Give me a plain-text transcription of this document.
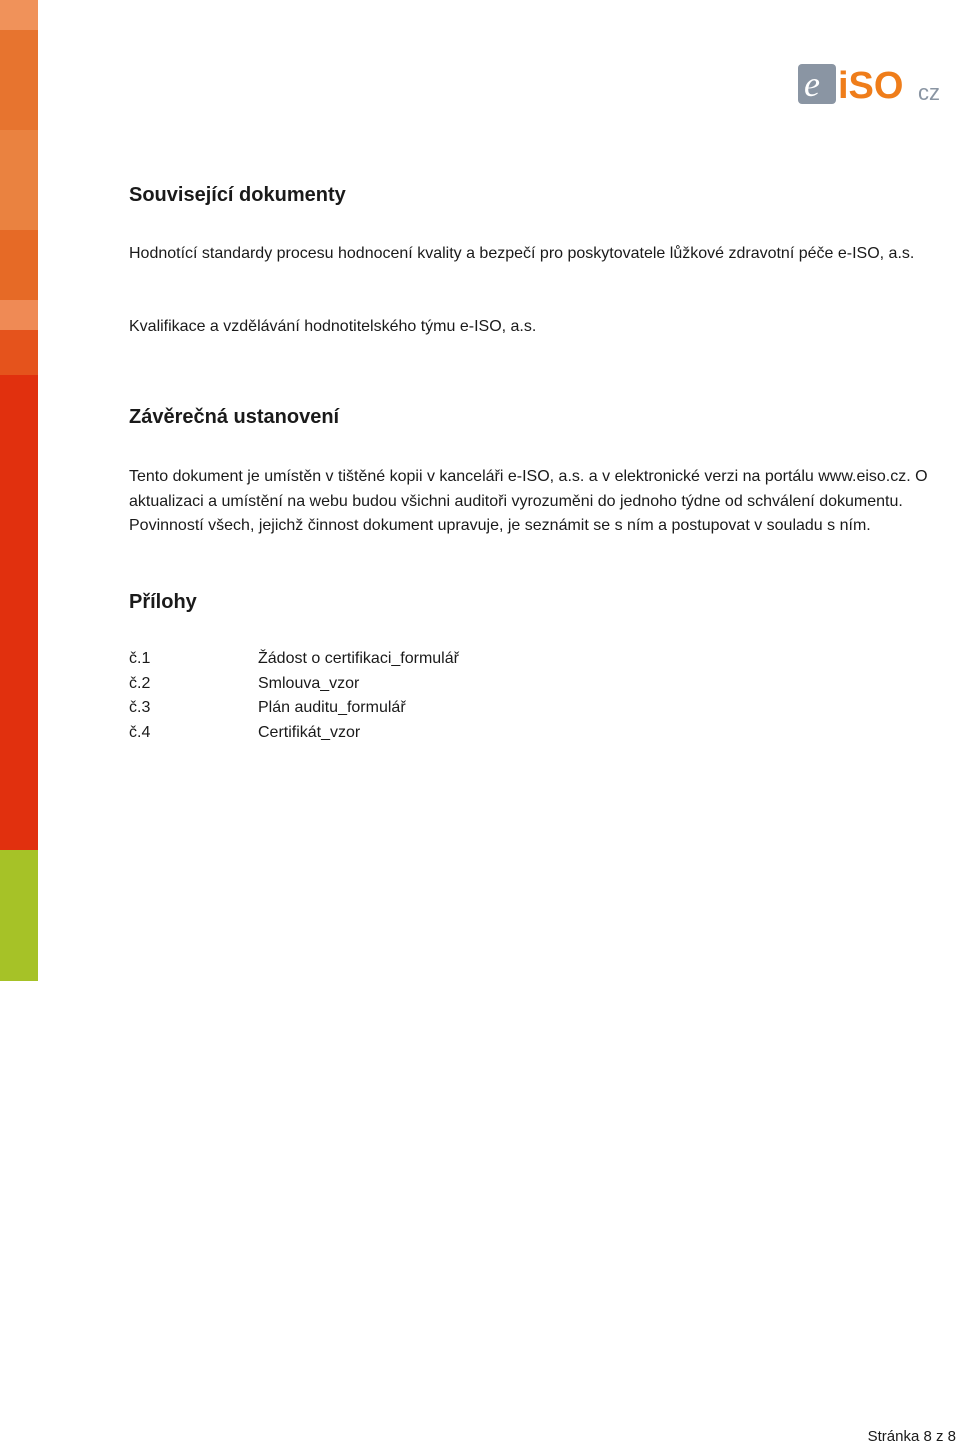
e iSO cz
Související dokumenty

Hodnotící standardy procesu hodnocení kvality a bezpečí pro poskytovatele lůžkové zdravotní péče e-ISO, a.s.

Kvalifikace a vzdělávání hodnotitelského týmu e-ISO, a.s.

Závěrečná ustanovení

Tento dokument je umístěn v tištěné kopii v kanceláři e-ISO, a.s. a v elektronické verzi na portálu www.eiso.cz. O aktualizaci a umístění na webu budou všichni auditoři vyrozuměni do jednoho týdne od schválení dokumentu. Povinností všech, jejichž činnost dokument upravuje, je seznámit se s ním a postupovat v souladu s ním.

Přílohy
č.1	Žádost o certifikaci_formulář
č.2	Smlouva_vzor
č.3	Plán auditu_formulář
č.4	Certifikát_vzor
Stránka 8 z 8
